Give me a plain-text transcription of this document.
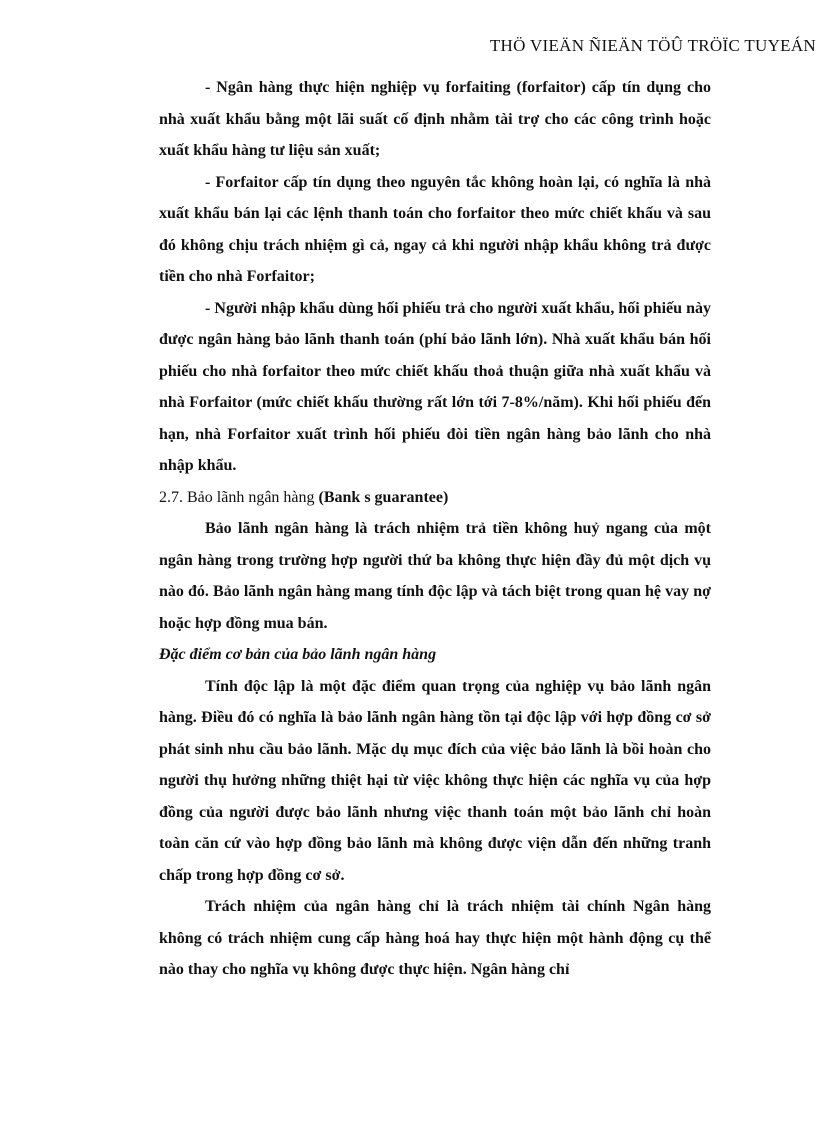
THÖ VIEÄN ÑIEÄN TÖÛ TRÖÏC TUYEÁN

- Ngân hàng thực hiện nghiệp vụ forfaiting (forfaitor) cấp tín dụng cho nhà xuất khẩu bằng một lãi suất cố định nhằm tài trợ cho các công trình hoặc xuất khẩu hàng tư liệu sản xuất;

- Forfaitor cấp tín dụng theo nguyên tắc không hoàn lại, có nghĩa là nhà xuất khẩu bán lại các lệnh thanh toán cho forfaitor theo mức chiết khấu và sau đó không chịu trách nhiệm gì cả, ngay cả khi người nhập khẩu không trả được tiền cho nhà Forfaitor;

- Người nhập khẩu dùng hối phiếu trả cho người xuất khẩu, hối phiếu này được ngân hàng bảo lãnh thanh toán (phí bảo lãnh lớn). Nhà xuất khẩu bán hối phiếu cho nhà forfaitor theo mức chiết khấu thoả thuận giữa nhà xuất khẩu và nhà Forfaitor (mức chiết khấu thường rất lớn tới 7-8%/năm). Khi hối phiếu đến hạn, nhà Forfaitor xuất trình hối phiếu đòi tiền ngân hàng bảo lãnh cho nhà nhập khẩu.

2.7. Bảo lãnh ngân hàng (Bank s guarantee)

Bảo lãnh ngân hàng là trách nhiệm trả tiền không huỷ ngang của một ngân hàng trong trường hợp người thứ ba không thực hiện đầy đủ một dịch vụ nào đó. Bảo lãnh ngân hàng mang tính độc lập và tách biệt trong quan hệ vay nợ hoặc hợp đồng mua bán.

Đặc điểm cơ bản của bảo lãnh ngân hàng

Tính độc lập là một đặc điểm quan trọng của nghiệp vụ bảo lãnh ngân hàng. Điều đó có nghĩa là bảo lãnh ngân hàng tồn tại độc lập với hợp đồng cơ sở phát sinh nhu cầu bảo lãnh. Mặc dụ mục đích của việc bảo lãnh là bồi hoàn cho người thụ hưởng những thiệt hại từ việc không thực hiện các nghĩa vụ của hợp đồng của người được bảo lãnh nhưng việc thanh toán một bảo lãnh chỉ hoàn toàn căn cứ vào hợp đồng bảo lãnh mà không được viện dẫn đến những tranh chấp trong hợp đồng cơ sở.

Trách nhiệm của ngân hàng chỉ là trách nhiệm tài chính Ngân hàng không có trách nhiệm cung cấp hàng hoá hay thực hiện một hành động cụ thể nào thay cho nghĩa vụ không được thực hiện. Ngân hàng chỉ
